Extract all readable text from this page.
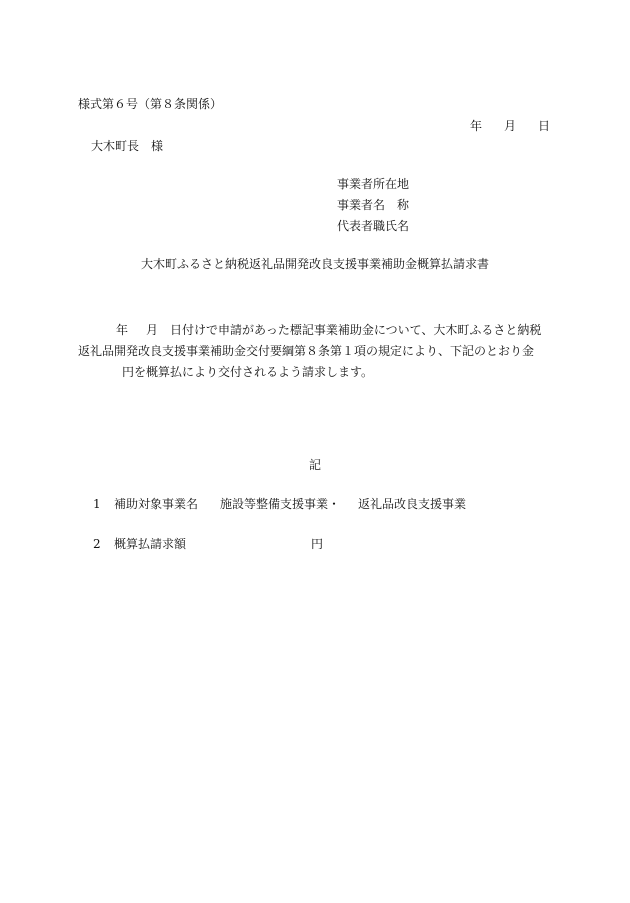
様式第６号（第８条関係）
年 月 日
大木町長 様
事業者所在地
事業者名　称
代表者職氏名
大木町ふるさと納税返礼品開発改良支援事業補助金概算払請求書
年 月 日付けで申請があった標記事業補助金について、大木町ふるさと納税返礼品開発改良支援事業補助金交付要綱第８条第１項の規定により、下記のとおり金円を概算払により交付されるよう請求します。
記
1 補助対象事業名 施設等整備支援事業・ 返礼品改良支援事業
2 概算払請求額	円
